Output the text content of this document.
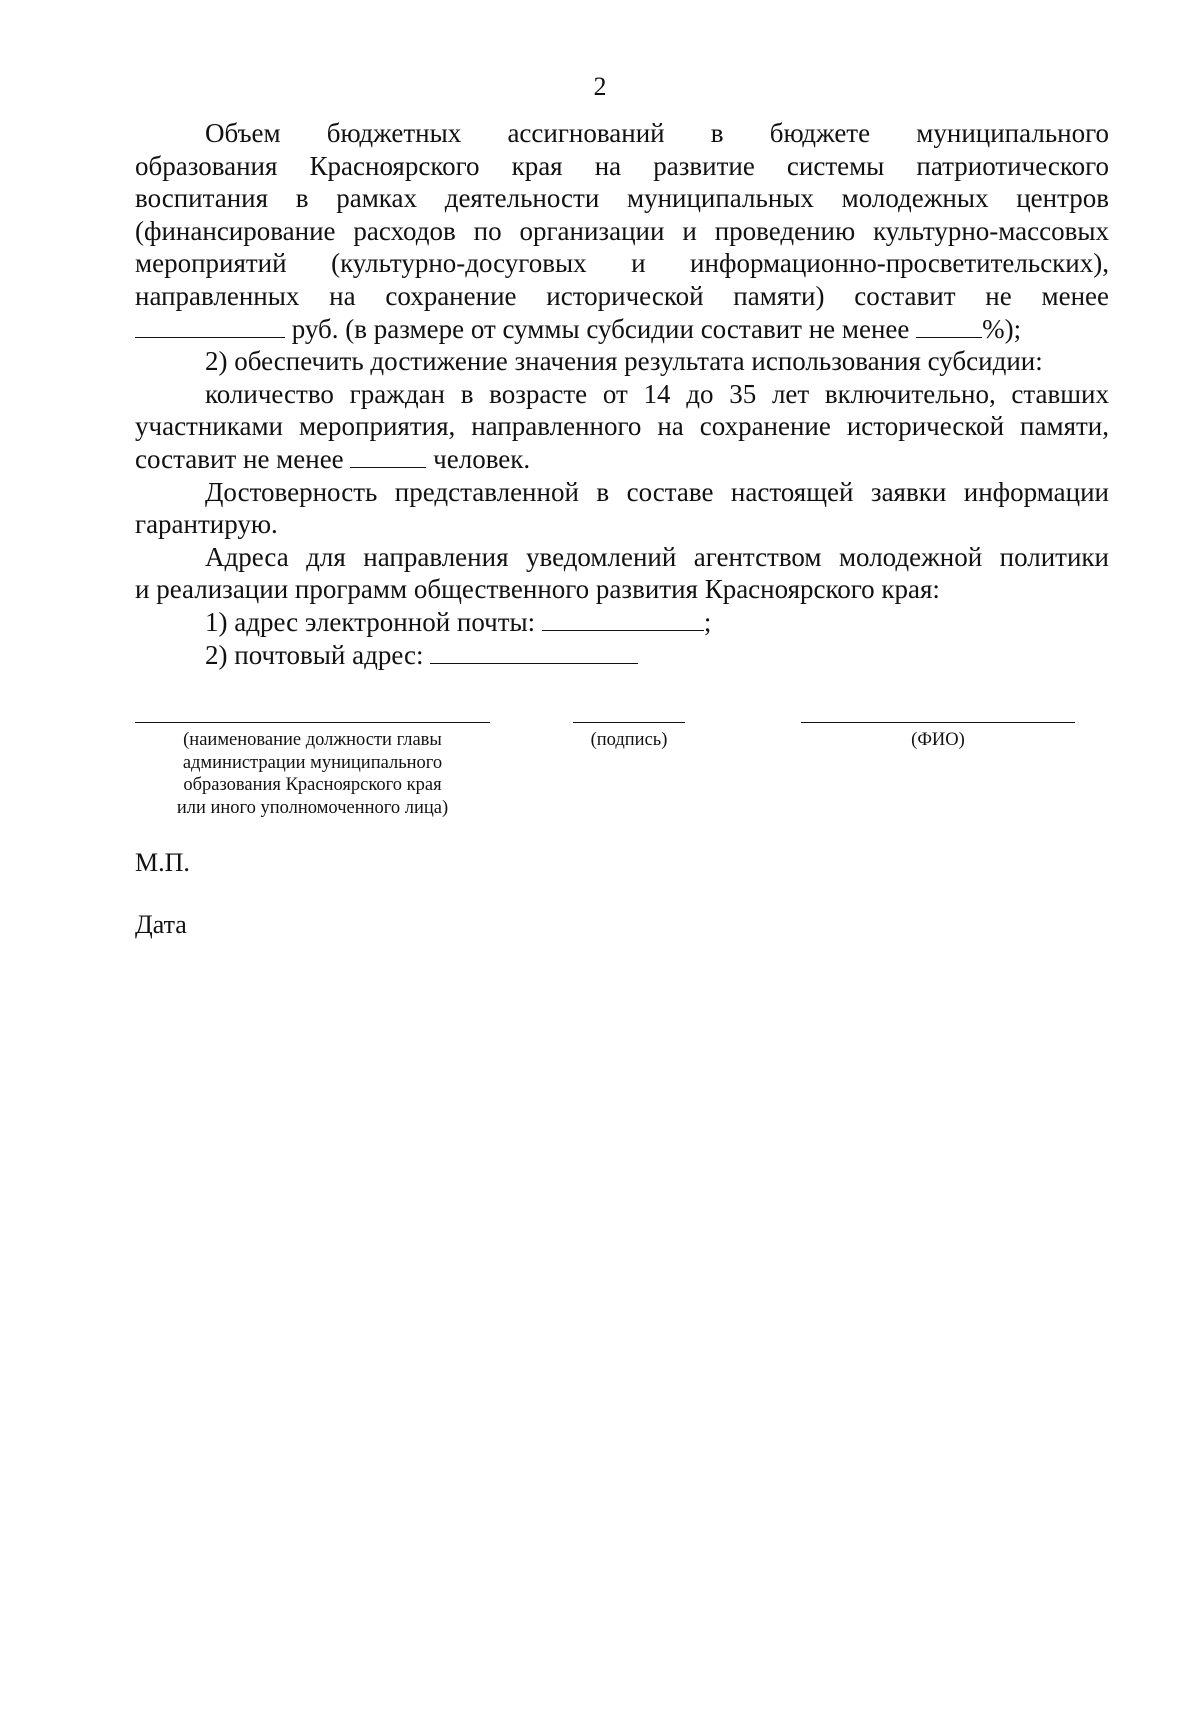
2
Объем бюджетных ассигнований в бюджете муниципального
образования Красноярского края на развитие системы патриотического
воспитания в рамках деятельности муниципальных молодежных центров
(финансирование расходов по организации и проведению культурно-массовых
мероприятий (культурно-досуговых и информационно-просветительских),
направленных на сохранение исторической памяти) составит не менее
руб. (в размере от суммы субсидии составит не менее %);
2) обеспечить достижение значения результата использования субсидии:
количество граждан в возрасте от 14 до 35 лет включительно, ставших
участниками мероприятия, направленного на сохранение исторической памяти,
составит не менее	человек.
Достоверность представленной в составе настоящей заявки информации
гарантирую.
Адреса для направления уведомлений агентством молодежной политики
и реализации программ общественного развития Красноярского края:
1) адрес электронной почты:	;
2) почтовый адрес:
(наименование должности главы
администрации муниципального
образования Красноярского края
или иного уполномоченного лица)
(подпись)	(ФИО)
М.П.
Дата
